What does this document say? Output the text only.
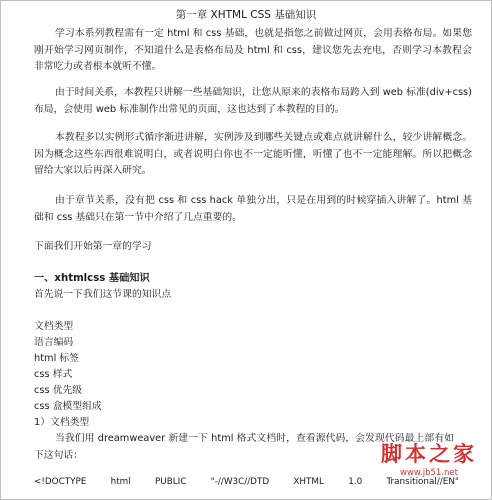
第一章 XHTML CSS 基础知识

学习本系列教程需有一定 html 和 css 基础，也就是指您之前做过网页，会用表格布局。如果您刚开始学习网页制作，不知道什么是表格布局及 html 和 css，建议您先去充电，否则学习本教程会非常吃力或者根本就听不懂。

由于时间关系，本教程只讲解一些基础知识，让您从原来的表格布局跨入到 web 标准(div+css)布局，会使用 web 标准制作出常见的页面，这也达到了本教程的目的。

本教程多以实例形式循序渐进讲解，实例涉及到哪些关键点或难点就讲解什么，较少讲解概念。因为概念这些东西很难说明白，或者说明白你也不一定能听懂，听懂了也不一定能理解。所以把概念留给大家以后再深入研究。

由于章节关系，没有把 css 和 css hack 单独分出，只是在用到的时候穿插入讲解了。html 基础和 css 基础只在第一节中介绍了几点重要的。

下面我们开始第一章的学习
一、xhtmlcss 基础知识
首先说一下我们这节课的知识点
文档类型
语言编码
html 标签
css 样式
css 优先级
css 盒模型组成
1）文档类型

当我们用 dreamweaver 新建一下 html 格式文档时，查看源代码，会发现代码最上部有如下这句话：

<!DOCTYPE	html	PUBLIC	"-//W3C//DTD	XHTML	1.0	Transitional//EN"
脚本之家
www.jb51.net
